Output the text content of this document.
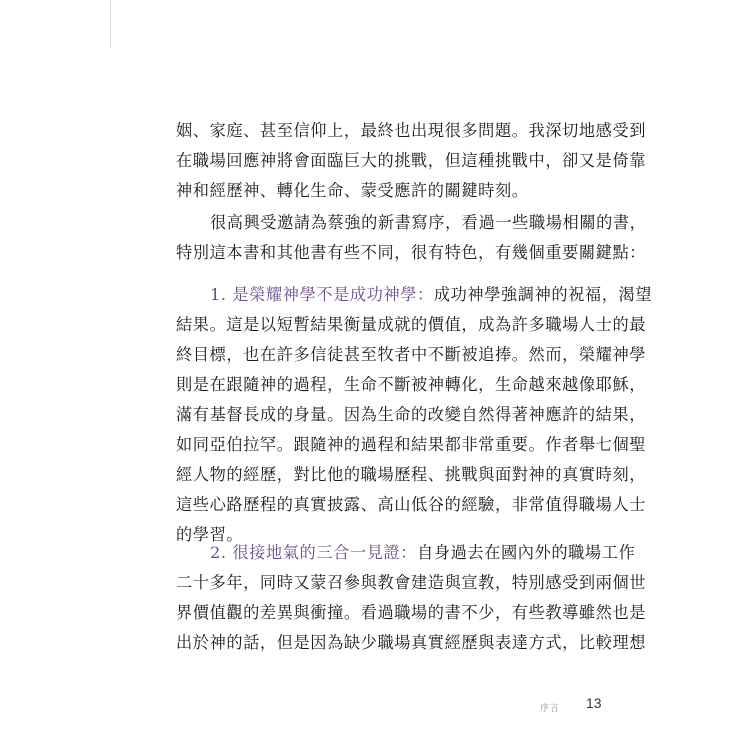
姻、家庭、甚至信仰上，最終也出現很多問題。我深切地感受到
在職場回應神將會面臨巨大的挑戰，但這種挑戰中，卻又是倚靠
神和經歷神、轉化生命、蒙受應許的關鍵時刻。
很高興受邀請為蔡強的新書寫序，看過一些職場相關的書，
特別這本書和其他書有些不同，很有特色，有幾個重要關鍵點：
1. 是榮耀神學不是成功神學：成功神學強調神的祝福，渴望
結果。這是以短暫結果衡量成就的價值，成為許多職場人士的最
終目標，也在許多信徒甚至牧者中不斷被追捧。然而，榮耀神學
則是在跟隨神的過程，生命不斷被神轉化，生命越來越像耶穌，
滿有基督長成的身量。因為生命的改變自然得著神應許的結果，
如同亞伯拉罕。跟隨神的過程和結果都非常重要。作者舉七個聖
經人物的經歷，對比他的職場歷程、挑戰與面對神的真實時刻，
這些心路歷程的真實披露、高山低谷的經驗，非常值得職場人士
的學習。
2. 很接地氣的三合一見證：自身過去在國內外的職場工作
二十多年，同時又蒙召參與教會建造與宣教，特別感受到兩個世
界價值觀的差異與衝撞。看過職場的書不少，有些教導雖然也是
出於神的話，但是因為缺少職場真實經歷與表達方式，比較理想
序言 13
